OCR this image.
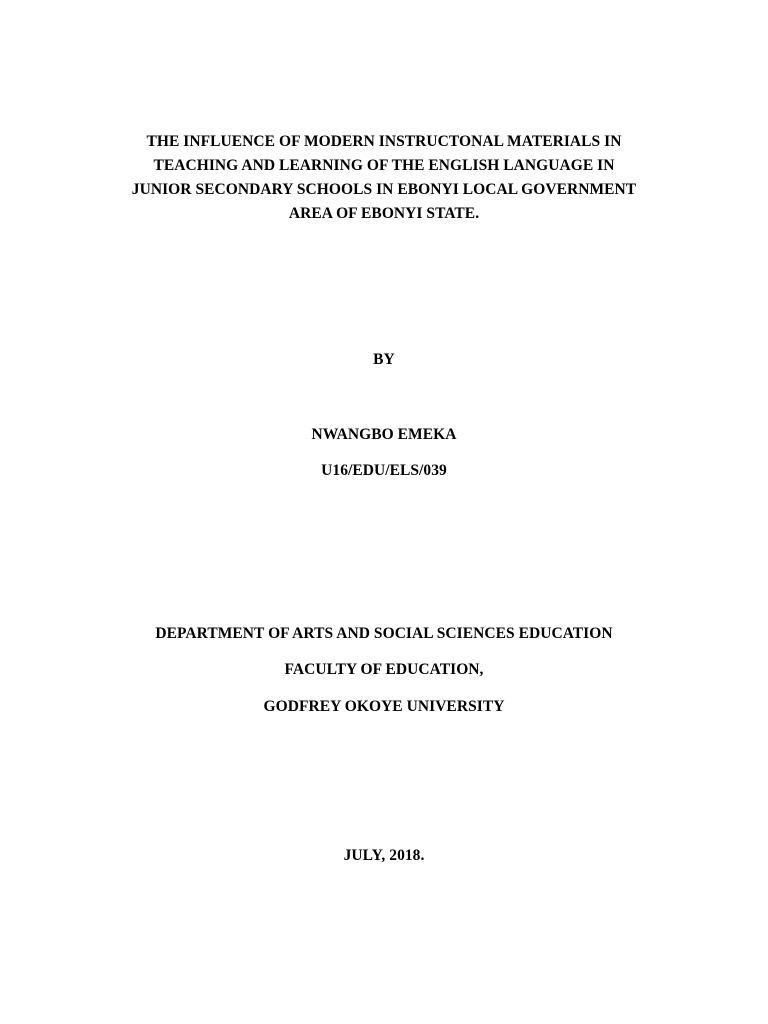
THE INFLUENCE OF MODERN INSTRUCTONAL MATERIALS IN
TEACHING AND LEARNING OF THE ENGLISH LANGUAGE IN
JUNIOR SECONDARY SCHOOLS IN EBONYI LOCAL GOVERNMENT
AREA OF EBONYI STATE.
BY
NWANGBO EMEKA
U16/EDU/ELS/039
DEPARTMENT OF ARTS AND SOCIAL SCIENCES EDUCATION
FACULTY OF EDUCATION,
GODFREY OKOYE UNIVERSITY
JULY, 2018.
